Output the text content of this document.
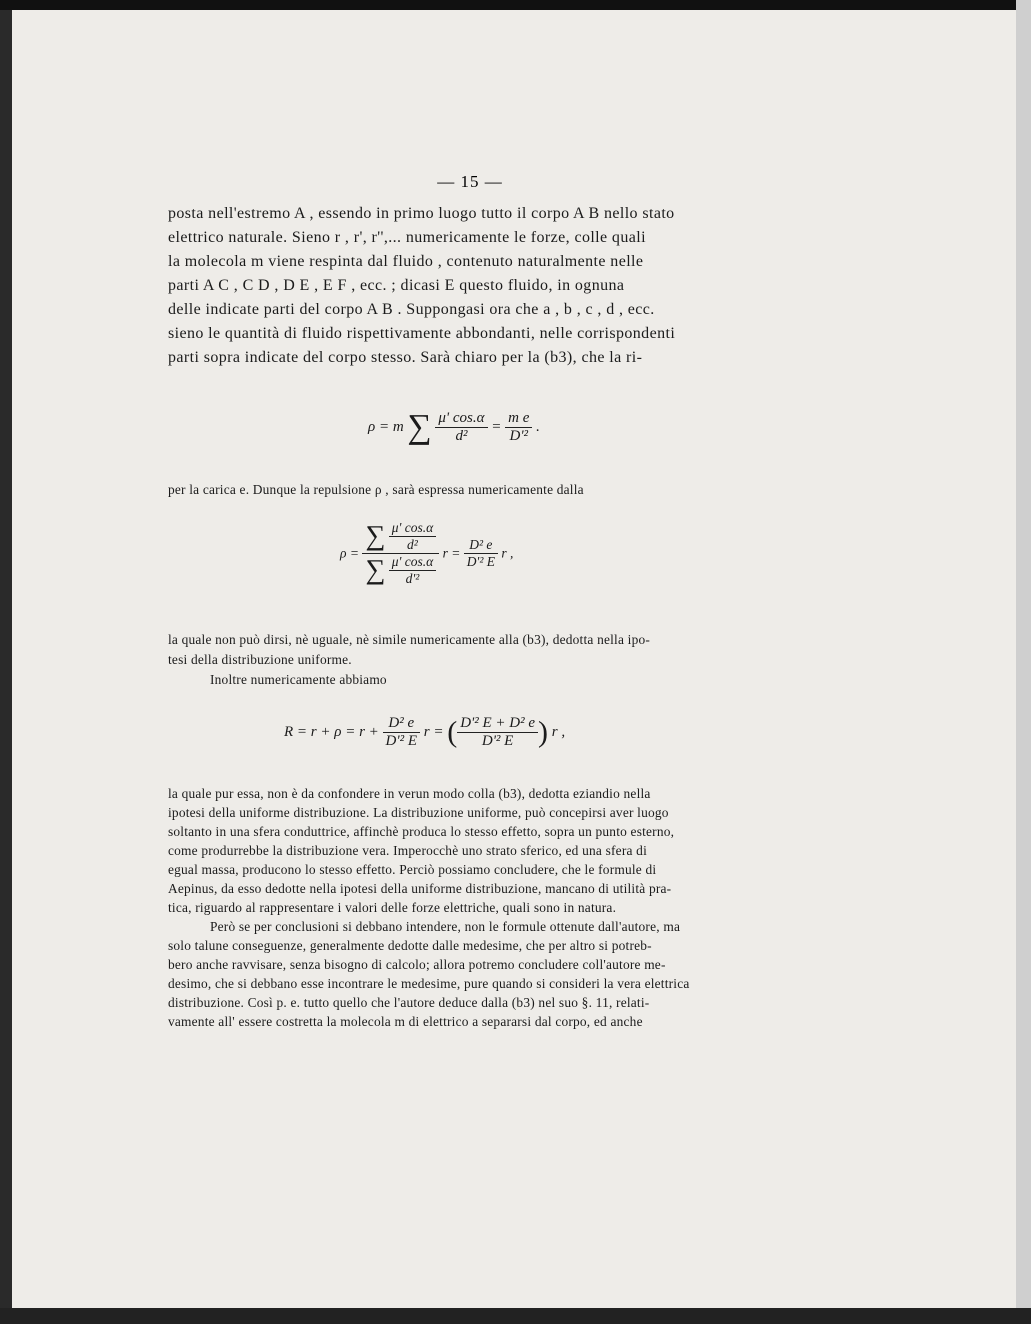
— 15 —
posta nell'estremo A , essendo in primo luogo tutto il corpo A B nello stato
elettrico naturale. Sieno r , r', r'',... numericamente le forze, colle quali
la molecola m viene respinta dal fluido , contenuto naturalmente nelle
parti A C , C D , D E , E F , ecc. ; dicasi E questo fluido, in ognuna
delle indicate parti del corpo A B . Suppongasi ora che a , b , c , d , ecc.
sieno le quantità di fluido rispettivamente abbondanti, nelle corrispondenti
parti sopra indicate del corpo stesso. Sarà chiaro per la (b3), che la ri-
ρ = m ∑ $\frac{\mu' \cos.\alpha}{\text{d²}} = \frac{\text{m e}}{\text{D'²}}$ .
per la carica e. Dunque la repulsione ρ , sarà espressa numericamente dalla
$\rho = \frac{\sum \frac{\mu' \cos.\alpha}{\text{d²}}}{\sum \frac{\mu' \cos.\alpha}{\text{d'²}}}$ $r = \frac{\text{D² e}}{\text{D'² E}}$ r ,
la quale non può dirsi, nè uguale, nè simile numericamente alla (b3), dedotta nella ipo-
tesi della distribuzione uniforme.
Inoltre numericamente abbiamo
$R = r + \rho = r + \frac{\text{D² e}}{\text{D'² E}}$ r = ( $\frac{\text{D'² E + D² e}}{\text{D'² E}}$ ) r ,
la quale pur essa, non è da confondere in verun modo colla (b3), dedotta eziandio nella
ipotesi della uniforme distribuzione. La distribuzione uniforme, può concepirsi aver luogo
soltanto in una sfera conduttrice, affinchè produca lo stesso effetto, sopra un punto esterno,
come produrrebbe la distribuzione vera. Imperocchè uno strato sferico, ed una sfera di
egual massa, producono lo stesso effetto. Perciò possiamo concludere, che le formule di
Aepinus, da esso dedotte nella ipotesi della uniforme distribuzione, mancano di utilità pra-
tica, riguardo al rappresentare i valori delle forze elettriche, quali sono in natura.
Però se per conclusioni si debbano intendere, non le formule ottenute dall'autore, ma
solo talune conseguenze, generalmente dedotte dalle medesime, che per altro si potreb-
bero anche ravvisare, senza bisogno di calcolo; allora potremo concludere coll'autore me-
desimo, che si debbano esse incontrare le medesime, pure quando si consideri la vera elettrica
distribuzione. Così p. e. tutto quello che l'autore deduce dalla (b3) nel suo §. 11, relati-
vamente all' essere costretta la molecola m di elettrico a separarsi dal corpo, ed anche
